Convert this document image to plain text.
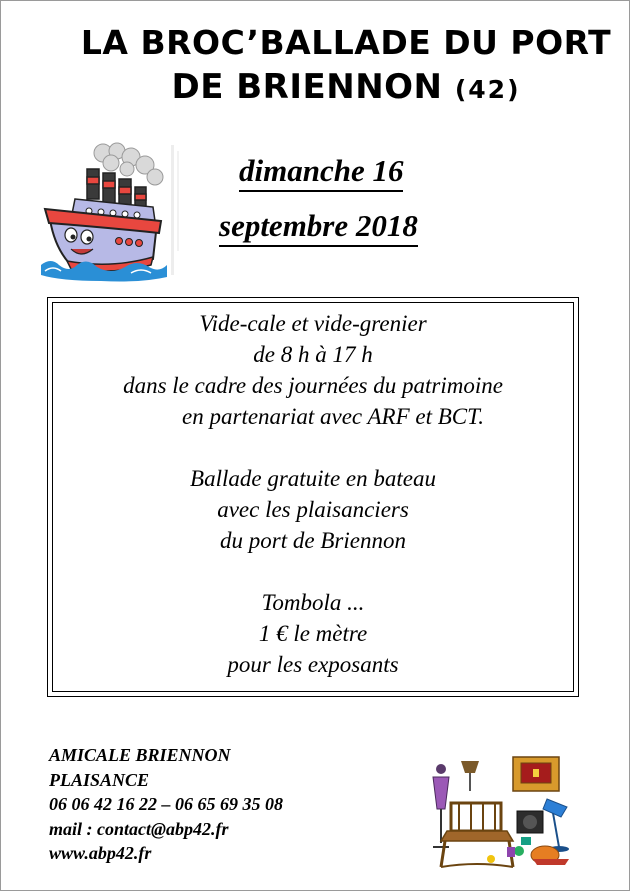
LA BROC’BALLADE DU PORT
DE BRIENNON (42)
dimanche 16
septembre 2018
Vide-cale et vide-grenier
de 8 h à 17 h
dans le cadre des journées du patrimoine
en partenariat avec ARF et BCT.
Ballade gratuite en bateau
avec les plaisanciers
du port de Briennon
Tombola ...
1 € le mètre
pour les exposants
AMICALE BRIENNON
PLAISANCE
06 06 42 16 22 – 06 65 69 35 08
mail : contact@abp42.fr
www.abp42.fr
